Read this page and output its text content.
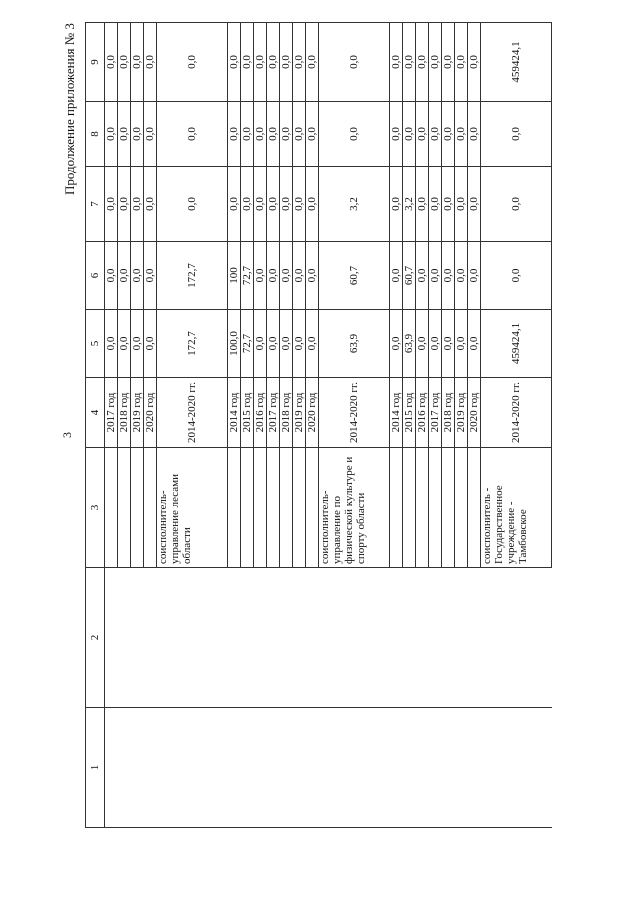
Продолжение приложения № 3
3
1	2	3	4	5	6	7	8	9
			2017 год	0,0	0,0	0,0	0,0	0,0
			2018 год	0,0	0,0	0,0	0,0	0,0
			2019 год	0,0	0,0	0,0	0,0	0,0
			2020 год	0,0	0,0	0,0	0,0	0,0
		соисполнитель- управление лесами области	2014-2020 гг.	172,7	172,7	0,0	0,0	0,0
			2014 год	100,0	100	0,0	0,0	0,0
			2015 год	72,7	72,7	0,0	0,0	0,0
			2016 год	0,0	0,0	0,0	0,0	0,0
			2017 год	0,0	0,0	0,0	0,0	0,0
			2018 год	0,0	0,0	0,0	0,0	0,0
			2019 год	0,0	0,0	0,0	0,0	0,0
			2020 год	0,0	0,0	0,0	0,0	0,0
		соисполнитель- управление по физической культуре и спорту области	2014-2020 гг.	63,9	60,7	3,2	0,0	0,0
			2014 год	0,0	0,0	0,0	0,0	0,0
			2015 год	63,9	60,7	3,2	0,0	0,0
			2016 год	0,0	0,0	0,0	0,0	0,0
			2017 год	0,0	0,0	0,0	0,0	0,0
			2018 год	0,0	0,0	0,0	0,0	0,0
			2019 год	0,0	0,0	0,0	0,0	0,0
			2020 год	0,0	0,0	0,0	0,0	0,0
		соисполнитель - Государственное учреждение - Тамбовское	2014-2020 гг.	459424,1	0,0	0,0	0,0	459424,1
